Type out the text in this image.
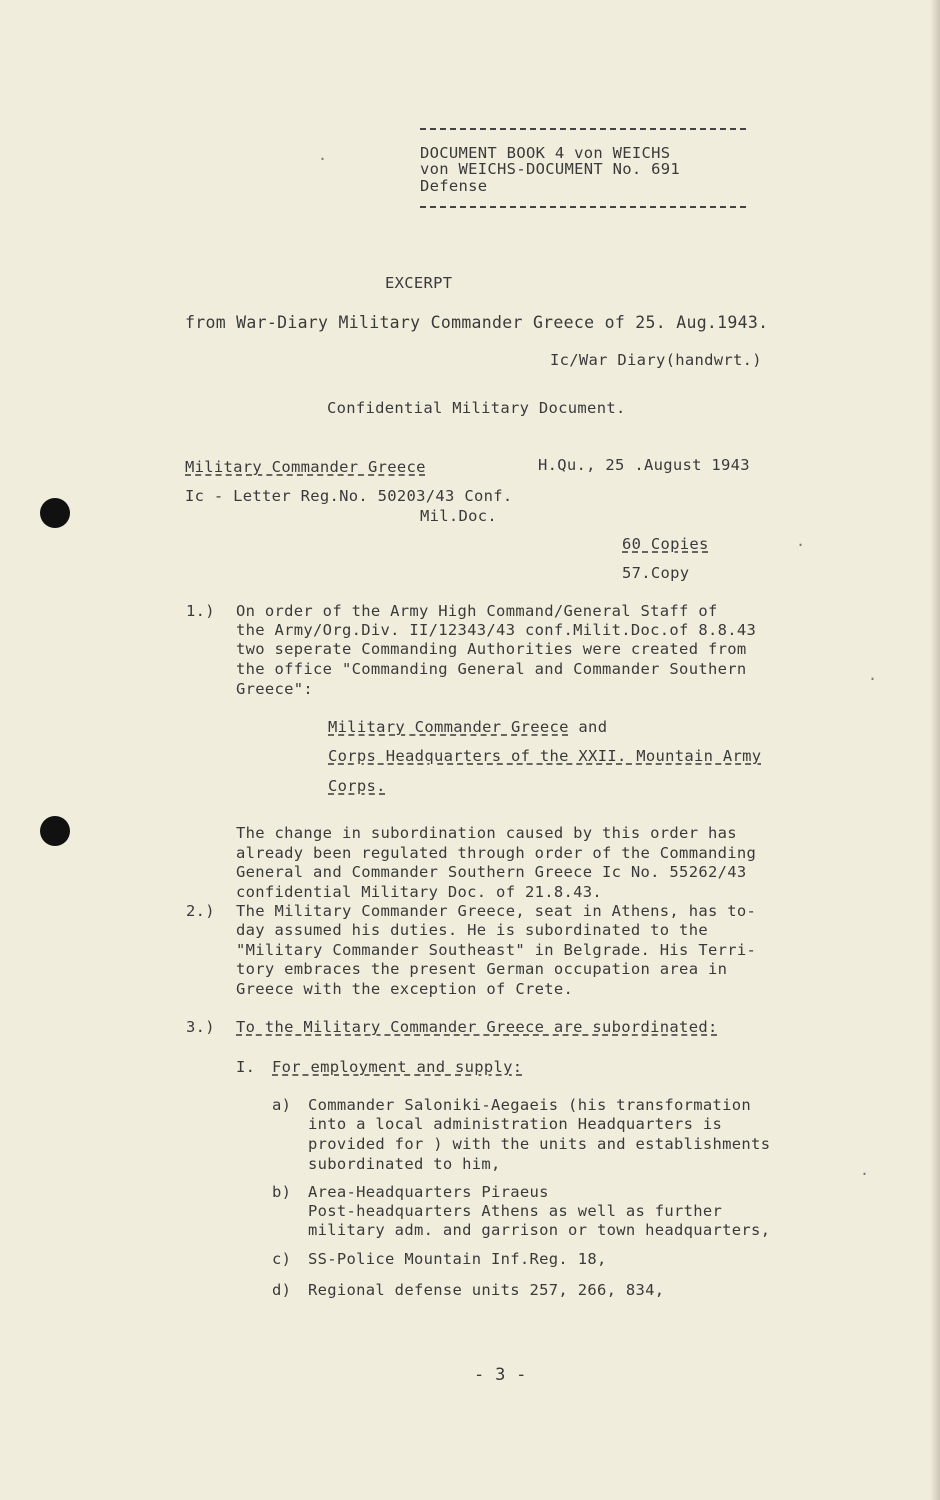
DOCUMENT BOOK 4 von WEICHS
von WEICHS-DOCUMENT No. 691
Defense
EXCERPT
from War-Diary Military Commander Greece of 25. Aug.1943.
Ic/War Diary(handwrt.)
Confidential Military Document.
Military Commander Greece	H.Qu., 25 .August 1943
Ic - Letter Reg.No. 50203/43 Conf.
Mil.Doc.
60 Copies
57.Copy
1.) On order of the Army High Command/General Staff of
the Army/Org.Div. II/12343/43 conf.Milit.Doc.of 8.8.43
two seperate Commanding Authorities were created from
the office "Commanding General and Commander Southern
Greece":
Military Commander Greece and
Corps Headquarters of the XXII. Mountain Army
Corps.
The change in subordination caused by this order has
already been regulated through order of the Commanding
General and Commander Southern Greece Ic No. 55262/43
confidential Military Doc. of 21.8.43.
2.) The Military Commander Greece, seat in Athens, has to-
day assumed his duties. He is subordinated to the
"Military Commander Southeast" in Belgrade. His Terri-
tory embraces the present German occupation area in
Greece with the exception of Crete.
3.) To the Military Commander Greece are subordinated:
I. For employment and supply:
a) Commander Saloniki-Aegaeis (his transformation
into a local administration Headquarters is
provided for ) with the units and establishments
subordinated to him,
b) Area-Headquarters Piraeus
Post-headquarters Athens as well as further
military adm. and garrison or town headquarters,
c) SS-Police Mountain Inf.Reg. 18,
d) Regional defense units 257, 266, 834,
- 3 -
·
·
·
·
